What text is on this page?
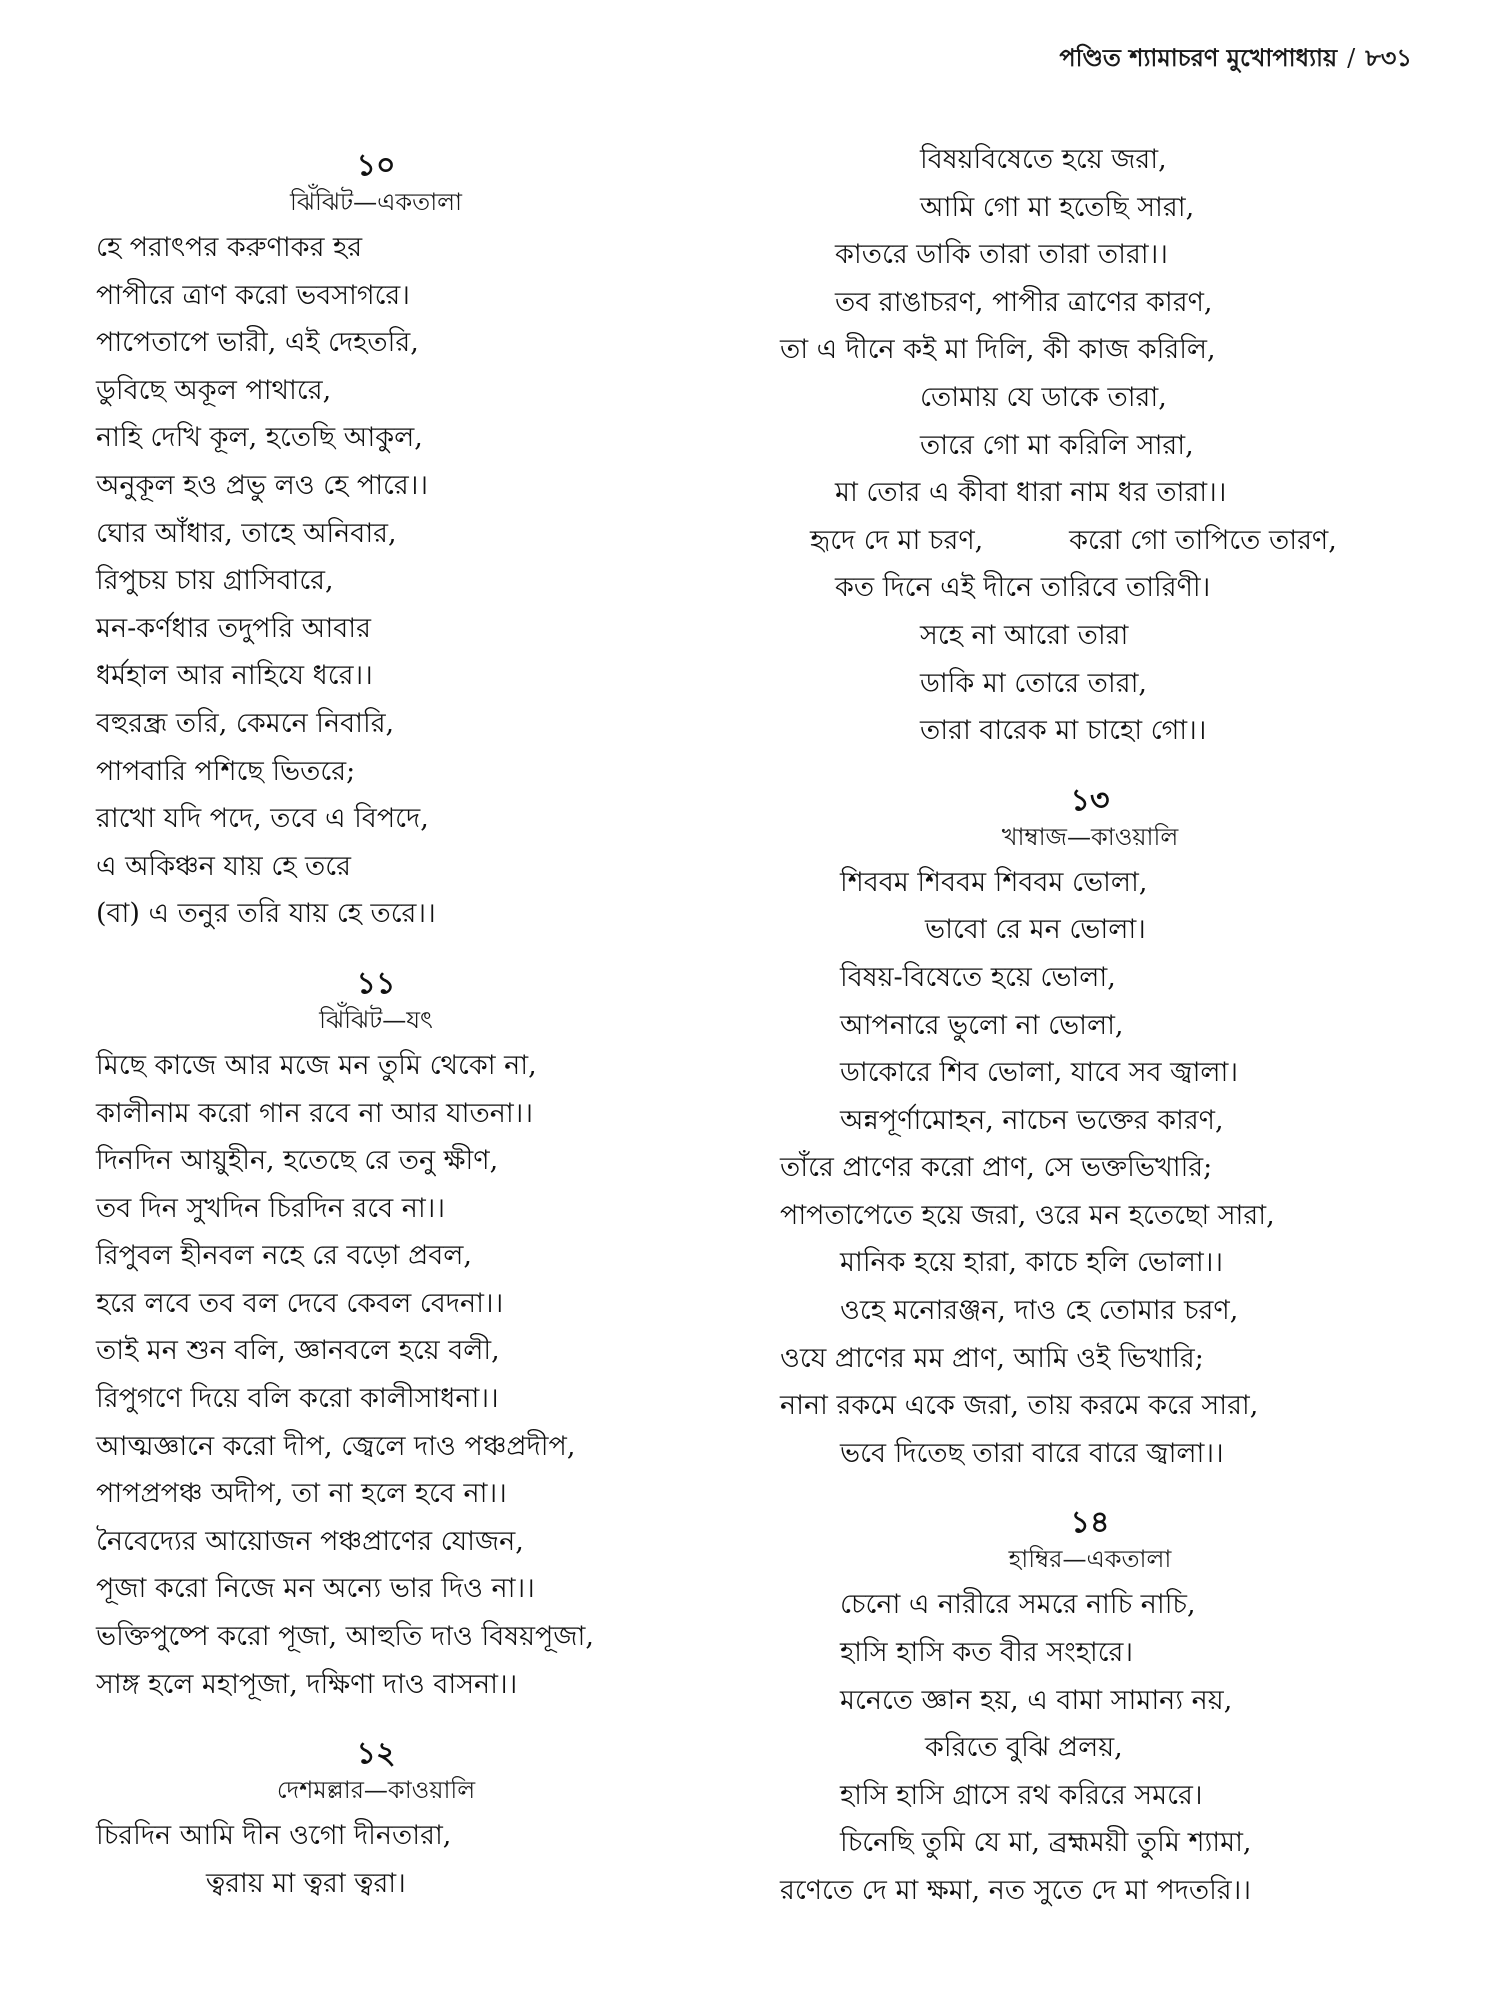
পণ্ডিত শ্যামাচরণ মুখোপাধ্যায় / ৮৩১
১০
ঝিঁঝিট—একতালা
হে পরাৎপর করুণাকর হর
পাপীরে ত্রাণ করো ভবসাগরে।
পাপেতাপে ভারী, এই দেহতরি,
ডুবিছে অকূল পাথারে,
নাহি দেখি কূল, হতেছি আকুল,
অনুকূল হও প্রভু লও হে পারে।।
ঘোর আঁধার, তাহে অনিবার,
রিপুচয় চায় গ্রাসিবারে,
মন-কর্ণধার তদুপরি আবার
ধর্মহাল আর নাহিযে ধরে।।
বহুরন্ধ্র তরি, কেমনে নিবারি,
পাপবারি পশিছে ভিতরে;
রাখো যদি পদে, তবে এ বিপদে,
এ অকিঞ্চন যায় হে তরে
(বা) এ তনুর তরি যায় হে তরে।।
১১
ঝিঁঝিট—যৎ
মিছে কাজে আর মজে মন তুমি থেকো না,
কালীনাম করো গান রবে না আর যাতনা।।
দিনদিন আয়ুহীন, হতেছে রে তনু ক্ষীণ,
তব দিন সুখদিন চিরদিন রবে না।।
রিপুবল হীনবল নহে রে বড়ো প্রবল,
হরে লবে তব বল দেবে কেবল বেদনা।।
তাই মন শুন বলি, জ্ঞানবলে হয়ে বলী,
রিপুগণে দিয়ে বলি করো কালীসাধনা।।
আত্মজ্ঞানে করো দীপ, জ্বেলে দাও পঞ্চপ্রদীপ,
পাপপ্রপঞ্চ অদীপ, তা না হলে হবে না।।
নৈবেদ্যের আয়োজন পঞ্চপ্রাণের যোজন,
পূজা করো নিজে মন অন্যে ভার দিও না।।
ভক্তিপুষ্পে করো পূজা, আহুতি দাও বিষয়পূজা,
সাঙ্গ হলে মহাপূজা, দক্ষিণা দাও বাসনা।।
১২
দেশমল্লার—কাওয়ালি
চিরদিন আমি দীন ওগো দীনতারা,
ত্বরায় মা ত্বরা ত্বরা।
বিষয়বিষেতে হয়ে জরা,
আমি গো মা হতেছি সারা,
কাতরে ডাকি তারা তারা তারা।।
তব রাঙাচরণ, পাপীর ত্রাণের কারণ,
তা এ দীনে কই মা দিলি, কী কাজ করিলি,
তোমায় যে ডাকে তারা,
তারে গো মা করিলি সারা,
মা তোর এ কীবা ধারা নাম ধর তারা।।
হৃদে দে মা চরণ,          করো গো তাপিতে তারণ,
কত দিনে এই দীনে তারিবে তারিণী।
সহে না আরো তারা
ডাকি মা তোরে তারা,
তারা বারেক মা চাহো গো।।
১৩
খাম্বাজ—কাওয়ালি
শিববম শিববম শিববম ভোলা,
ভাবো রে মন ভোলা।
বিষয়-বিষেতে হয়ে ভোলা,
আপনারে ভুলো না ভোলা,
ডাকোরে শিব ভোলা, যাবে সব জ্বালা।
অন্নপূর্ণামোহন, নাচেন ভক্তের কারণ,
তাঁরে প্রাণের করো প্রাণ, সে ভক্তভিখারি;
পাপতাপেতে হয়ে জরা, ওরে মন হতেছো সারা,
মানিক হয়ে হারা, কাচে হলি ভোলা।।
ওহে মনোরঞ্জন, দাও হে তোমার চরণ,
ওযে প্রাণের মম প্রাণ, আমি ওই ভিখারি;
নানা রকমে একে জরা, তায় করমে করে সারা,
ভবে দিতেছ তারা বারে বারে জ্বালা।।
১৪
হাম্বির—একতালা
চেনো এ নারীরে সমরে নাচি নাচি,
হাসি হাসি কত বীর সংহারে।
মনেতে জ্ঞান হয়, এ বামা সামান্য নয়,
করিতে বুঝি প্রলয়,
হাসি হাসি গ্রাসে রথ করিরে সমরে।
চিনেছি তুমি যে মা, ব্রহ্মময়ী তুমি শ্যামা,
রণেতে দে মা ক্ষমা, নত সুতে দে মা পদতরি।।
